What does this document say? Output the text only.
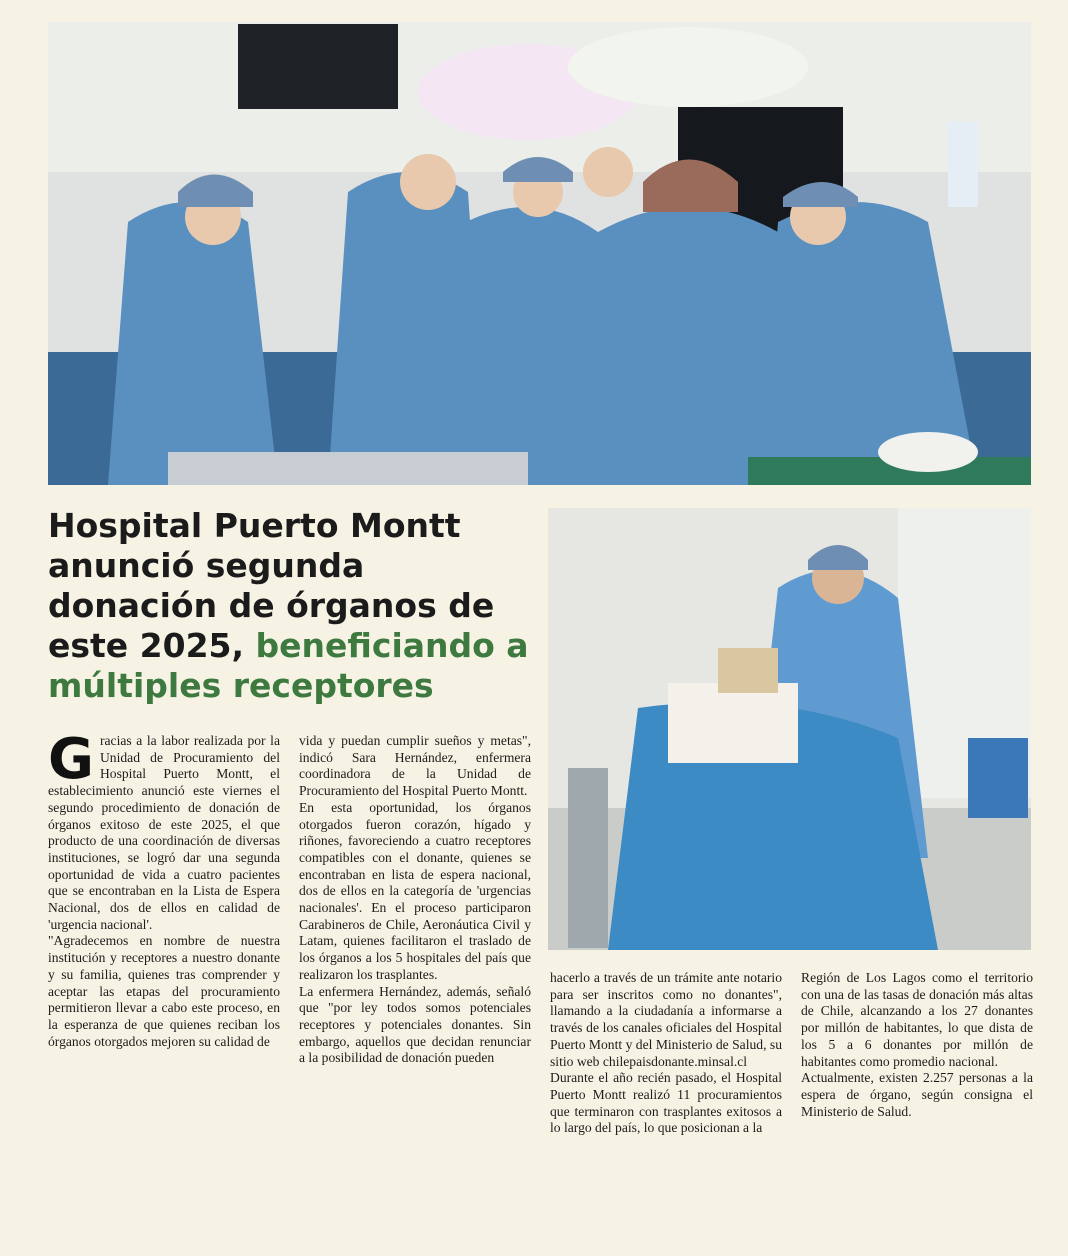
Hospital Puerto Montt anunció segunda donación de órganos de este 2025, beneficiando a múltiples receptores

Gracias a la labor realizada por la Unidad de Procuramiento del Hospital Puerto Montt, el establecimiento anunció este viernes el segundo procedimiento de donación de órganos exitoso de este 2025, el que producto de una coordinación de diversas instituciones, se logró dar una segunda oportunidad de vida a cuatro pacientes que se encontraban en la Lista de Espera Nacional, dos de ellos en calidad de 'urgencia nacional'.

"Agradecemos en nombre de nuestra institución y receptores a nuestro donante y su familia, quienes tras comprender y aceptar las etapas del procuramiento permitieron llevar a cabo este proceso, en la esperanza de que quienes reciban los órganos otorgados mejoren su calidad de

vida y puedan cumplir sueños y metas", indicó Sara Hernández, enfermera coordinadora de la Unidad de Procuramiento del Hospital Puerto Montt.

En esta oportunidad, los órganos otorgados fueron corazón, hígado y riñones, favoreciendo a cuatro receptores compatibles con el donante, quienes se encontraban en lista de espera nacional, dos de ellos en la categoría de 'urgencias nacionales'. En el proceso participaron Carabineros de Chile, Aeronáutica Civil y Latam, quienes facilitaron el traslado de los órganos a los 5 hospitales del país que realizaron los trasplantes.

La enfermera Hernández, además, señaló que "por ley todos somos potenciales receptores y potenciales donantes. Sin embargo, aquellos que decidan renunciar a la posibilidad de donación pueden

hacerlo a través de un trámite ante notario para ser inscritos como no donantes", llamando a la ciudadanía a informarse a través de los canales oficiales del Hospital Puerto Montt y del Ministerio de Salud, su sitio web chilepaisdonante.minsal.cl

Durante el año recién pasado, el Hospital Puerto Montt realizó 11 procuramientos que terminaron con trasplantes exitosos a lo largo del país, lo que posicionan a la

Región de Los Lagos como el territorio con una de las tasas de donación más altas de Chile, alcanzando a los 27 donantes por millón de habitantes, lo que dista de los 5 a 6 donantes por millón de habitantes como promedio nacional.

Actualmente, existen 2.257 personas a la espera de órgano, según consigna el Ministerio de Salud.
